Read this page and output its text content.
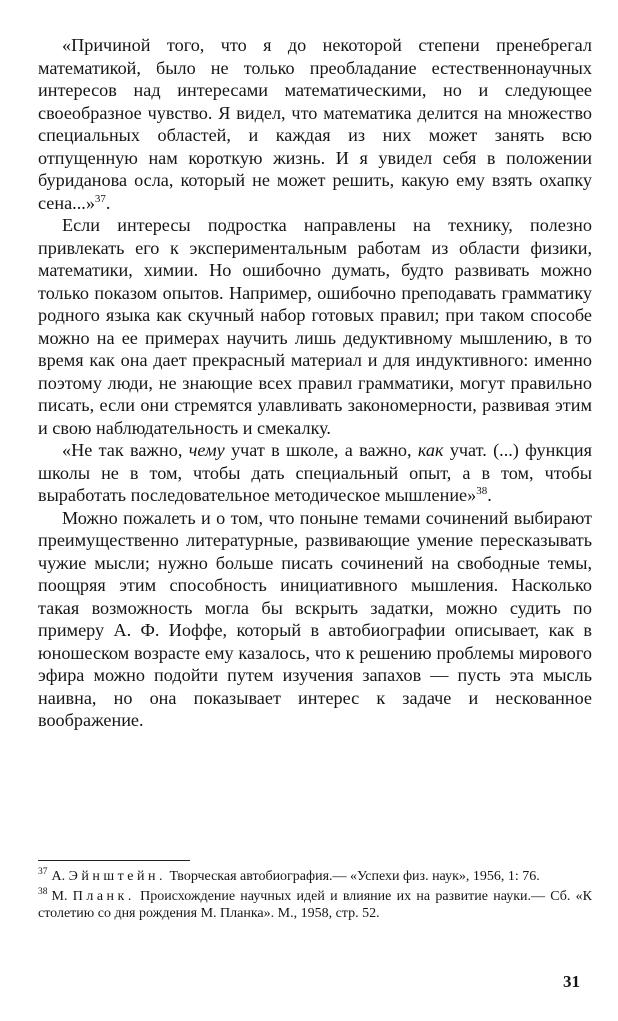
«Причиной того, что я до некоторой степени пренебрегал математикой, было не только преобладание естественнонаучных интересов над интересами математическими, но и следующее своеобразное чувство. Я видел, что математика делится на множество специальных областей, и каждая из них может занять всю отпущенную нам короткую жизнь. И я увидел себя в положении буриданова осла, который не может решить, какую ему взять охапку сена...»$^{37}$.

Если интересы подростка направлены на технику, полезно привлекать его к экспериментальным работам из области физики, математики, химии. Но ошибочно думать, будто развивать можно только показом опытов. Например, ошибочно преподавать грамматику родного языка как скучный набор готовых правил; при таком способе можно на ее примерах научить лишь дедуктивному мышлению, в то время как она дает прекрасный материал и для индуктивного: именно поэтому люди, не знающие всех правил грамматики, могут правильно писать, если они стремятся улавливать закономерности, развивая этим и свою наблюдательность и смекалку.

«Не так важно, чему учат в школе, а важно, как учат. (...) функция школы не в том, чтобы дать специальный опыт, а в том, чтобы выработать последовательное методическое мышление»$^{38}$.

Можно пожалеть и о том, что поныне темами сочинений выбирают преимущественно литературные, развивающие умение пересказывать чужие мысли; нужно больше писать сочинений на свободные темы, поощряя этим способность инициативного мышления. Насколько такая возможность могла бы вскрыть задатки, можно судить по примеру А. Ф. Иоффе, который в автобиографии описывает, как в юношеском возрасте ему казалось, что к решению проблемы мирового эфира можно подойти путем изучения запахов — пусть эта мысль наивна, но она показывает интерес к задаче и нескованное воображение.

$^{37}$ А. Эйнштейн. Творческая автобиография.— «Успехи физ. наук», 1956, 1: 76.

$^{38}$ М. Планк. Происхождение научных идей и влияние их на развитие науки.— Сб. «К столетию со дня рождения М. Планка». М., 1958, стр. 52.

31
